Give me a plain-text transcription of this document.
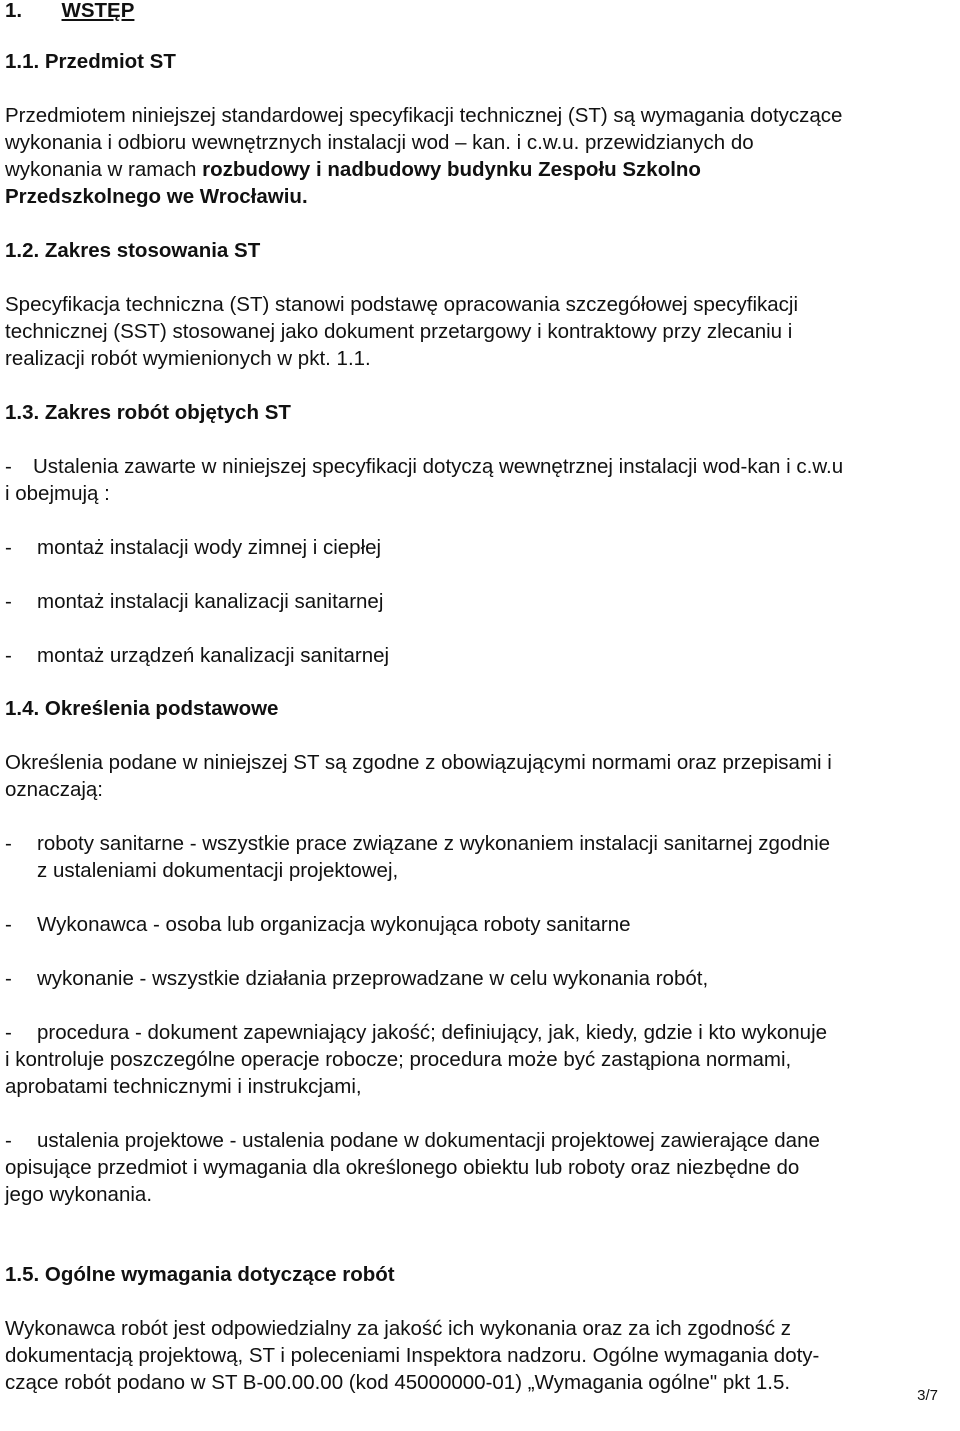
1. WSTĘP
1.1. Przedmiot ST
Przedmiotem niniejszej standardowej specyfikacji technicznej (ST) są wymagania dotyczące
wykonania i odbioru wewnętrznych instalacji wod – kan. i c.w.u. przewidzianych do
wykonania w ramach rozbudowy i nadbudowy budynku Zespołu Szkolno
Przedszkolnego we Wrocławiu.
1.2. Zakres stosowania ST
Specyfikacja techniczna (ST) stanowi podstawę opracowania szczegółowej specyfikacji
technicznej (SST) stosowanej jako dokument przetargowy i kontraktowy przy zlecaniu i
realizacji robót wymienionych w pkt. 1.1.
1.3. Zakres robót objętych ST
- Ustalenia zawarte w niniejszej specyfikacji dotyczą wewnętrznej instalacji wod-kan i c.w.u
i obejmują :
- montaż instalacji wody zimnej i ciepłej
- montaż instalacji kanalizacji sanitarnej
- montaż urządzeń kanalizacji sanitarnej
1.4. Określenia podstawowe
Określenia podane w niniejszej ST są zgodne z obowiązującymi normami oraz przepisami i
oznaczają:
- roboty sanitarne - wszystkie prace związane z wykonaniem instalacji sanitarnej zgodnie
z ustaleniami dokumentacji projektowej,
- Wykonawca - osoba lub organizacja wykonująca roboty sanitarne
- wykonanie - wszystkie działania przeprowadzane w celu wykonania robót,
- procedura - dokument zapewniający jakość; definiujący, jak, kiedy, gdzie i kto wykonuje
i kontroluje poszczególne operacje robocze; procedura może być zastąpiona normami,
aprobatami technicznymi i instrukcjami,
- ustalenia projektowe - ustalenia podane w dokumentacji projektowej zawierające dane
opisujące przedmiot i wymagania dla określonego obiektu lub roboty oraz niezbędne do
jego wykonania.
1.5. Ogólne wymagania dotyczące robót
Wykonawca robót jest odpowiedzialny za jakość ich wykonania oraz za ich zgodność z
dokumentacją projektową, ST i poleceniami Inspektora nadzoru. Ogólne wymagania doty-
czące robót podano w ST B-00.00.00 (kod 45000000-01) „Wymagania ogólne" pkt 1.5.
3/7
